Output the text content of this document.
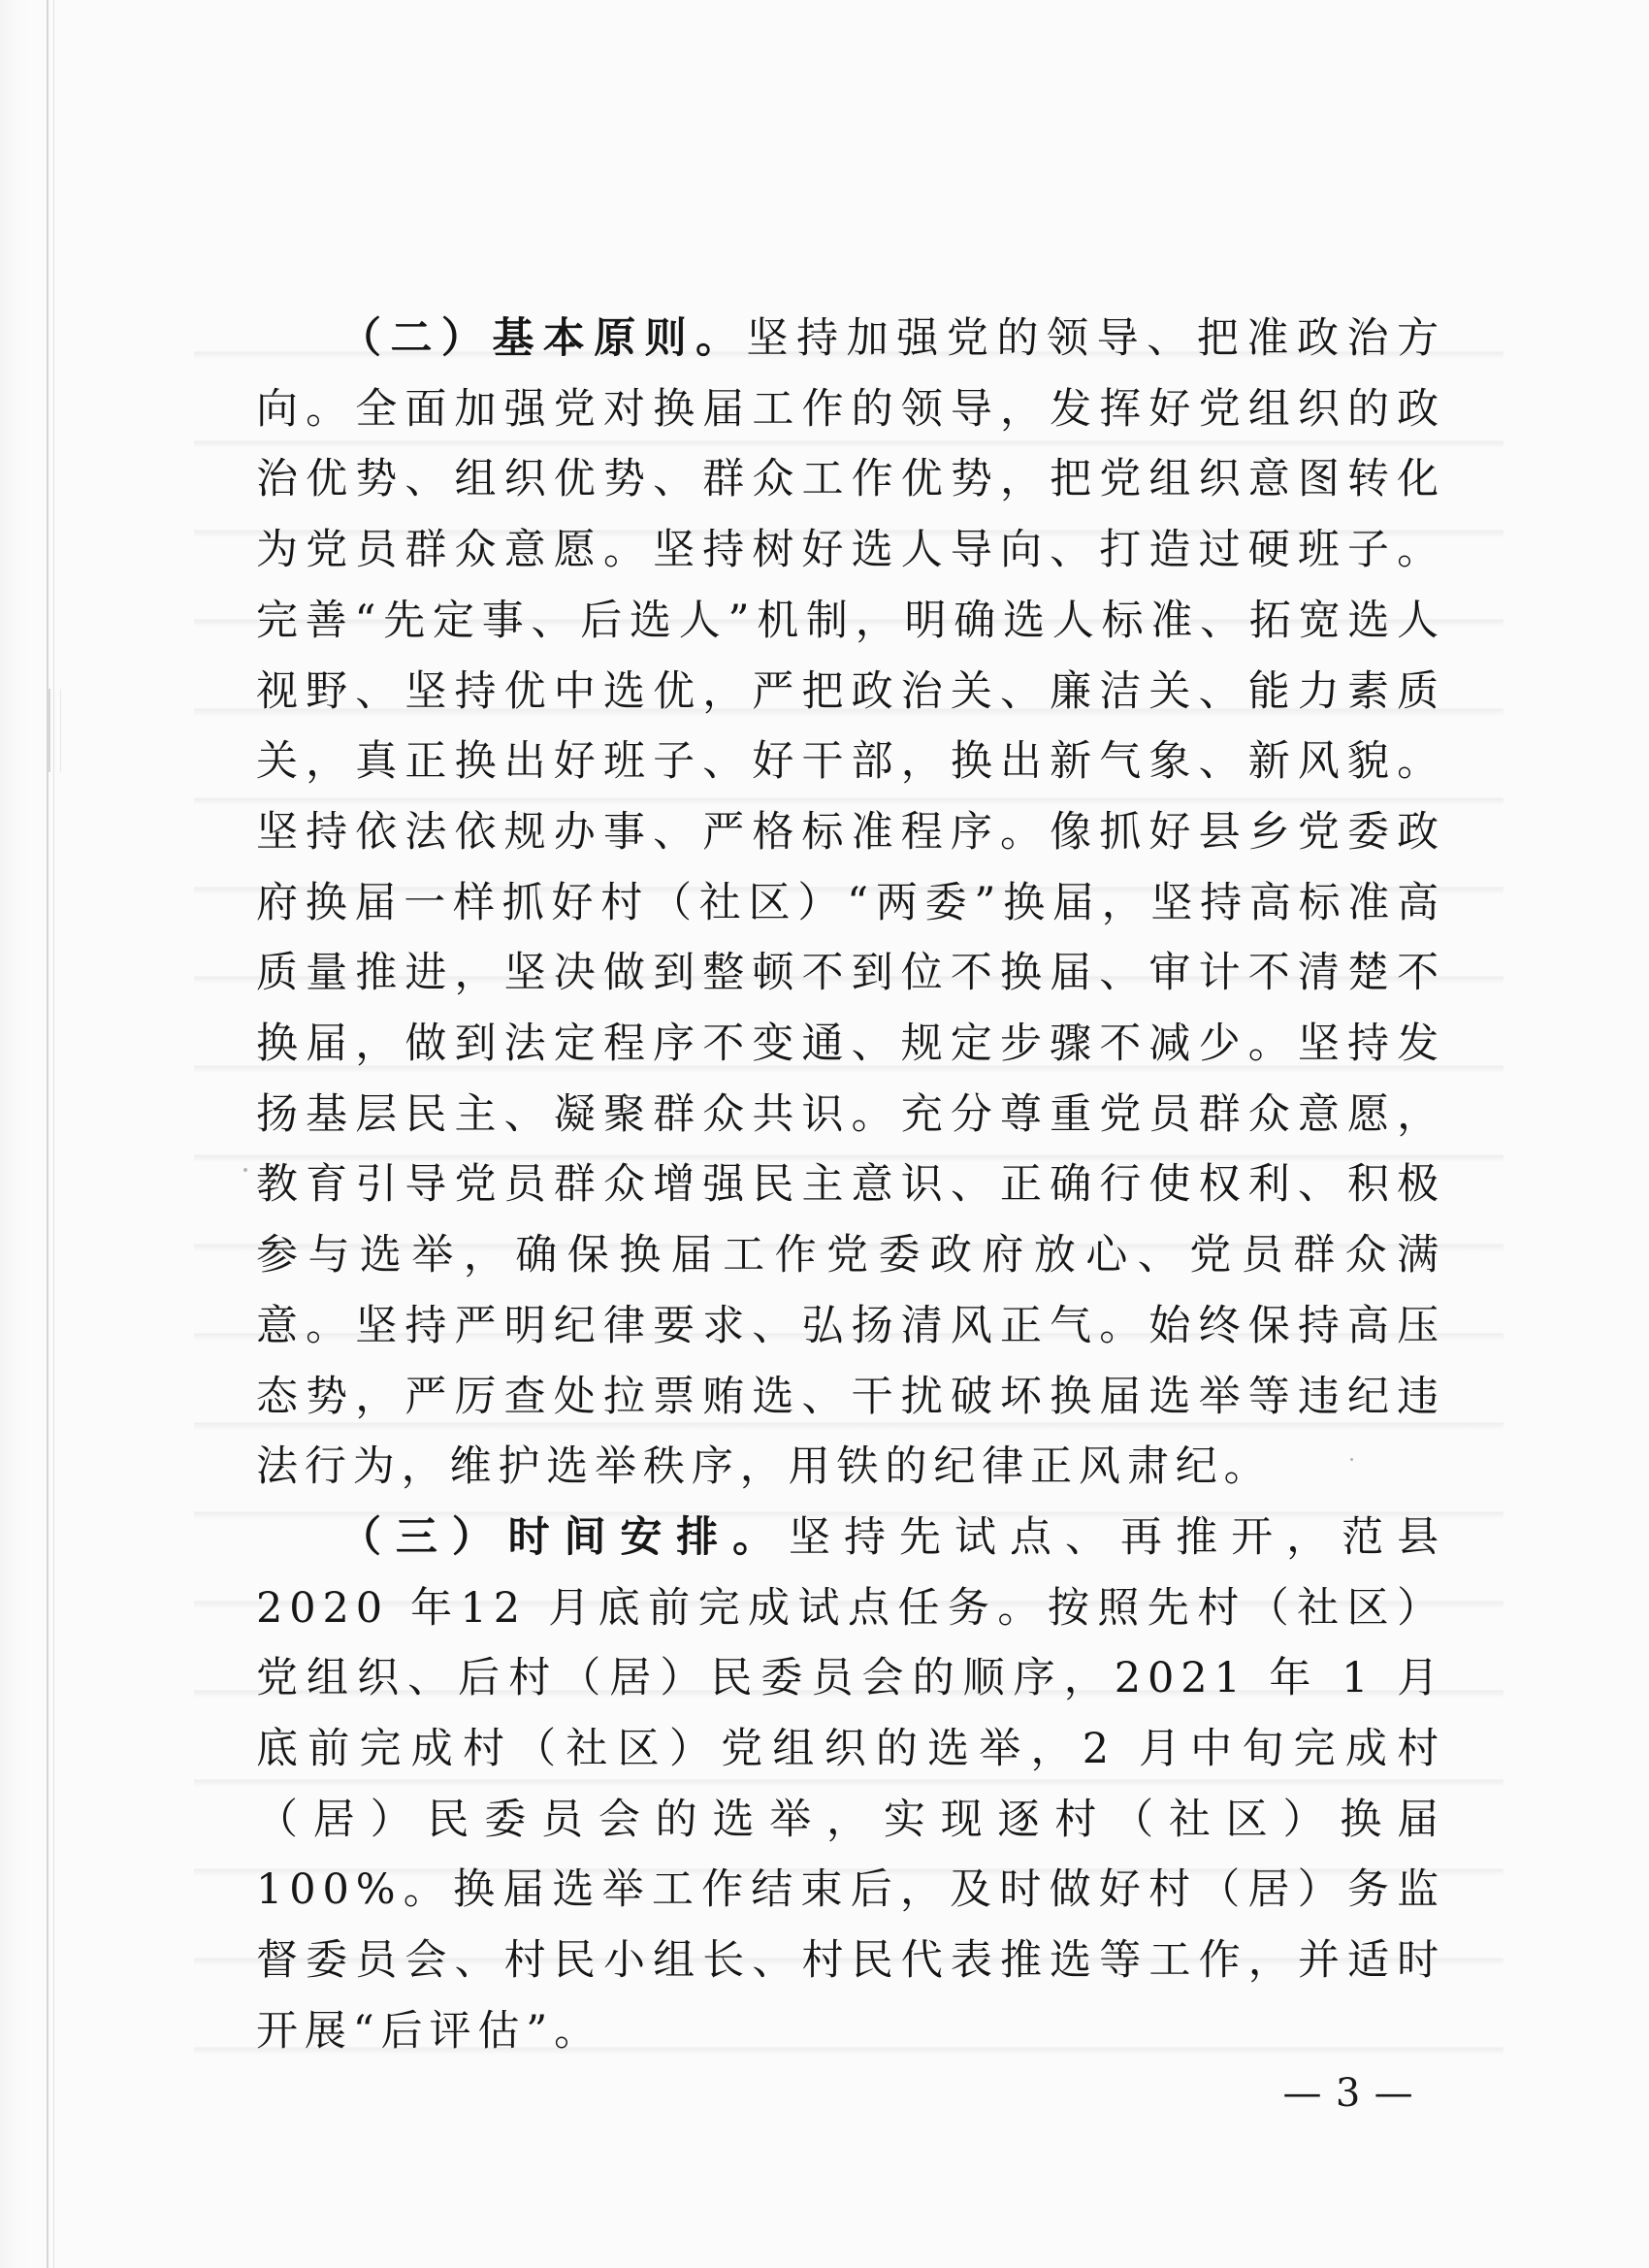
（二）基本原则。坚持加强党的领导、把准政治方向。全面加强党对换届工作的领导，发挥好党组织的政治优势、组织优势、群众工作优势，把党组织意图转化为党员群众意愿。坚持树好选人导向、打造过硬班子。完善“先定事、后选人”机制，明确选人标准、拓宽选人视野、坚持优中选优，严把政治关、廉洁关、能力素质关，真正换出好班子、好干部，换出新气象、新风貌。坚持依法依规办事、严格标准程序。像抓好县乡党委政府换届一样抓好村（社区）“两委”换届，坚持高标准高质量推进，坚决做到整顿不到位不换届、审计不清楚不换届，做到法定程序不变通、规定步骤不减少。坚持发扬基层民主、凝聚群众共识。充分尊重党员群众意愿，教育引导党员群众增强民主意识、正确行使权利、积极参与选举，确保换届工作党委政府放心、党员群众满意。坚持严明纪律要求、弘扬清风正气。始终保持高压态势，严厉查处拉票贿选、干扰破坏换届选举等违纪违法行为，维护选举秩序，用铁的纪律正风肃纪。

（三）时间安排。坚持先试点、再推开，范县 2020 年12 月底前完成试点任务。按照先村（社区）党组织、后村（居）民委员会的顺序，2021 年 1 月底前完成村（社区）党组织的选举，2 月中旬完成村（居）民委员会的选举，实现逐村（社区）换届 100%。换届选举工作结束后，及时做好村（居）务监督委员会、村民小组长、村民代表推选等工作，并适时开展“后评估”。

— 3 —
